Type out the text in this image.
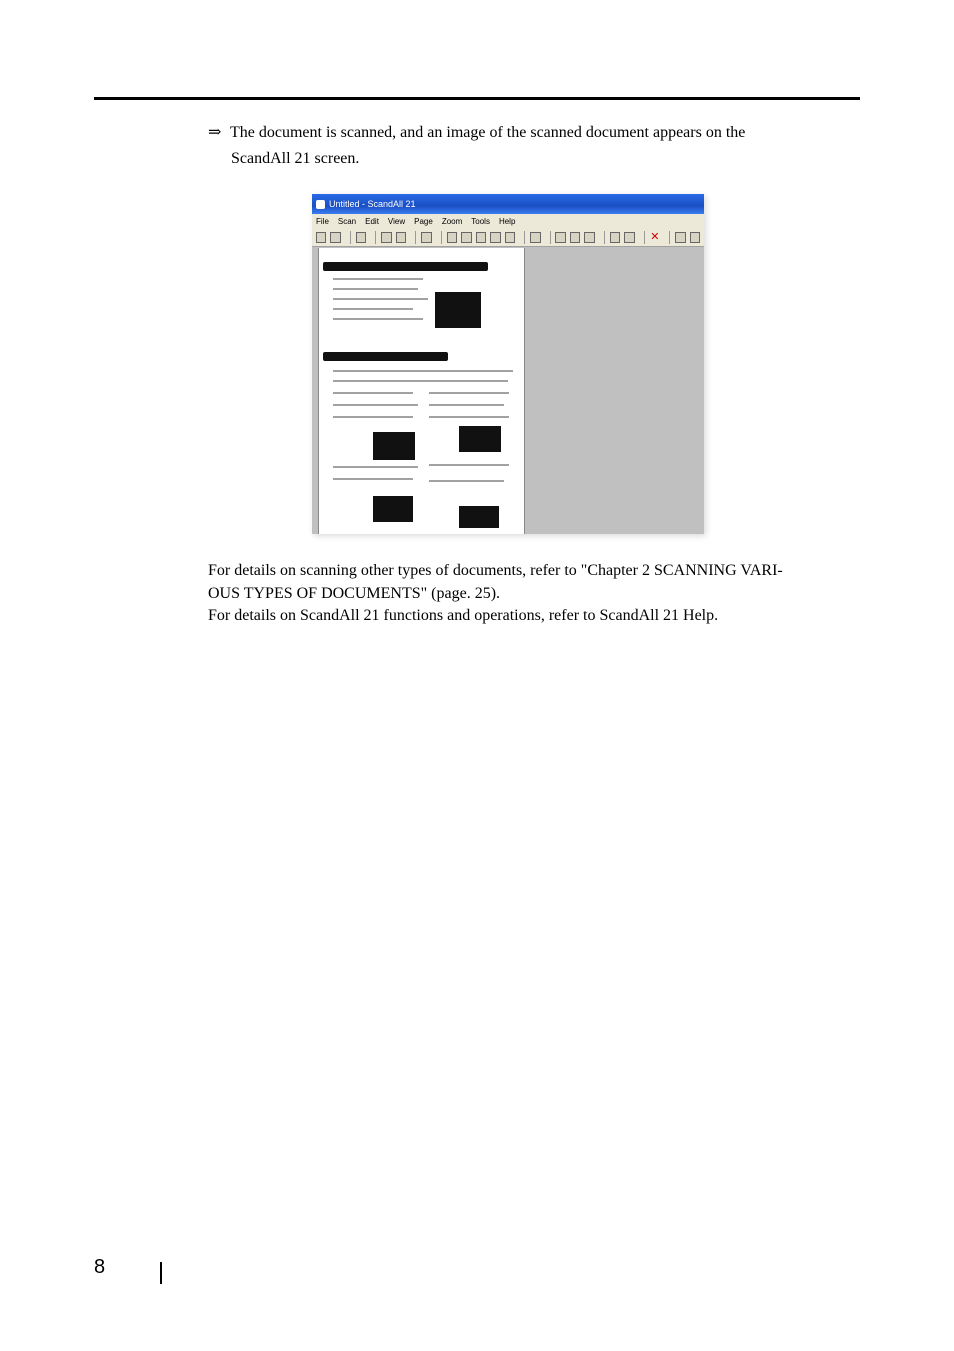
⇒ The document is scanned, and an image of the scanned document appears on the
ScandAll 21 screen.
Untitled - ScandAll 21
File Scan Edit View Page Zoom Tools Help
✕
For details on scanning other types of documents, refer to "Chapter 2 SCANNING VARI-
OUS TYPES OF DOCUMENTS" (page. 25).
For details on ScandAll 21 functions and operations, refer to ScandAll 21 Help.
8
